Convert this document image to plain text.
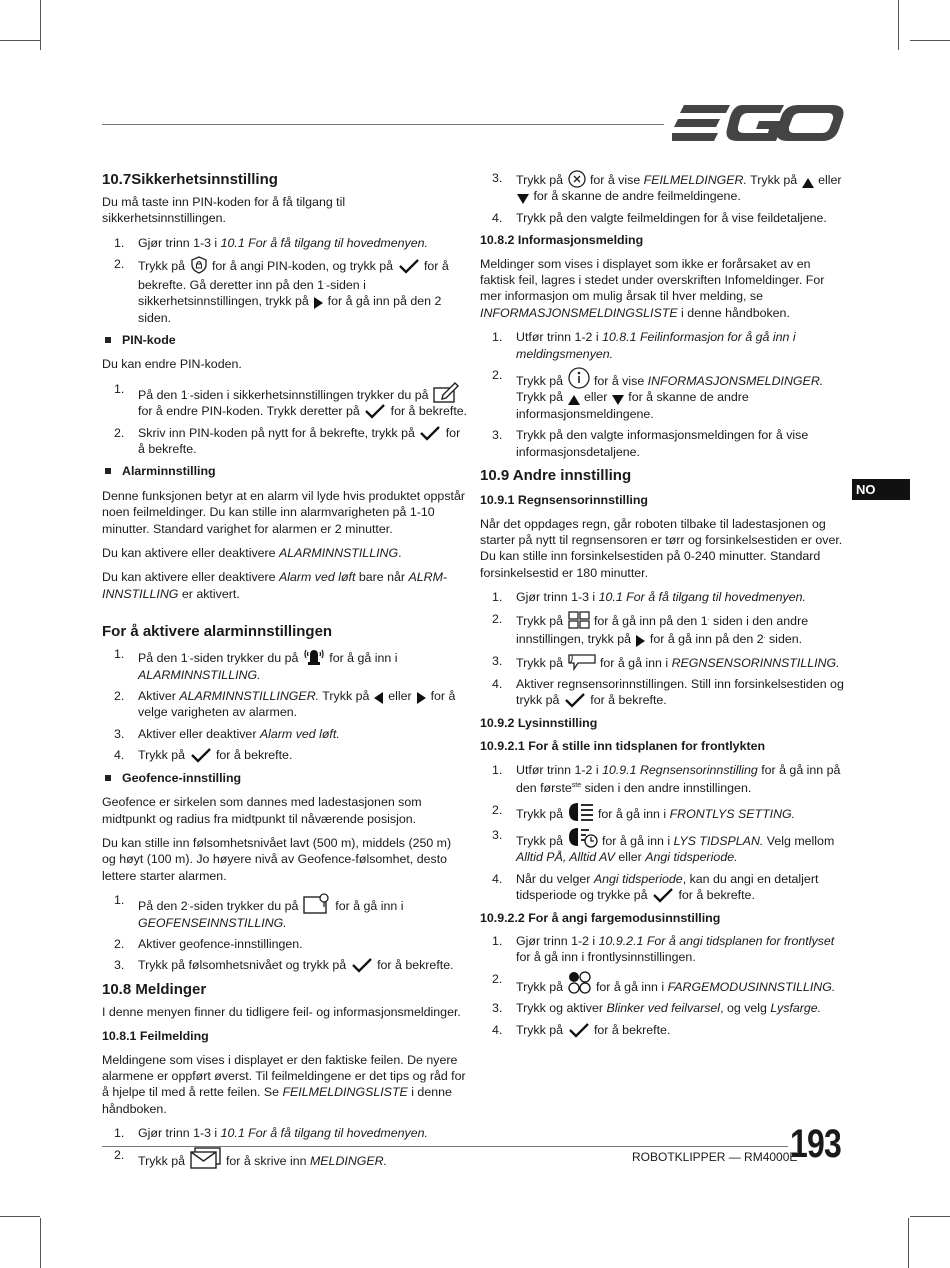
NO
10.7Sikkerhetsinnstilling

Du må taste inn PIN-koden for å få tilgang til sikkerhetsinnstillingen.

1. Gjør trinn 1-3 i 10.1 For å få tilgang til hovedmenyen.
2. Trykk på  for å angi PIN-koden, og trykk på  for å bekrefte. Gå deretter inn på den 1.-siden i sikkerhetsinnstillingen, trykk på  for å gå inn på den 2 siden.
PIN-kode

Du kan endre PIN-koden.

1. På den 1.-siden i sikkerhetsinnstillingen trykker du på  for å endre PIN-koden. Trykk deretter på  for å bekrefte.
2. Skriv inn PIN-koden på nytt for å bekrefte, trykk på  for å bekrefte.
Alarminnstilling

Denne funksjonen betyr at en alarm vil lyde hvis produktet oppstår noen feilmeldinger. Du kan stille inn alarmvarigheten på 1-10 minutter. Standard varighet for alarmen er 2 minutter.

Du kan aktivere eller deaktivere ALARMINNSTILLING.

Du kan aktivere eller deaktivere Alarm ved løft bare når ALRM-INNSTILLING er aktivert.

For å aktivere alarminnstillingen
1. På den 1.-siden trykker du på  for å gå inn i ALARMINNSTILLING.
2. Aktiver ALARMINNSTILLINGER. Trykk på  eller  for å velge varigheten av alarmen.
3. Aktiver eller deaktiver Alarm ved løft.
4. Trykk på  for å bekrefte.
Geofence-innstilling

Geofence er sirkelen som dannes med ladestasjonen som midtpunkt og radius fra midtpunkt til nåværende posisjon.

Du kan stille inn følsomhetsnivået lavt (500 m), middels (250 m) og høyt (100 m). Jo høyere nivå av Geofence-følsomhet, desto lettere starter alarmen.

1. På den 2.-siden trykker du på  for å gå inn i GEOFENSEINNSTILLING.
2. Aktiver geofence-innstillingen.
3. Trykk på følsomhetsnivået og trykk på  for å bekrefte.
10.8 Meldinger

I denne menyen finner du tidligere feil- og informasjonsmeldinger.

10.8.1 Feilmelding

Meldingene som vises i displayet er den faktiske feilen. De nyere alarmene er oppført øverst. Til feilmeldingene er det tips og råd for å hjelpe til med å rette feilen. Se FEILMELDINGSLISTE i denne håndboken.

1. Gjør trinn 1-3 i 10.1 For å få tilgang til hovedmenyen.
2. Trykk på	for å skrive inn MELDINGER.
3. Trykk på  for å vise FEILMELDINGER. Trykk på  eller  for å skanne de andre feilmeldingene.
4. Trykk på den valgte feilmeldingen for å vise feildetaljene.
10.8.2 Informasjonsmelding

Meldinger som vises i displayet som ikke er forårsaket av en faktisk feil, lagres i stedet under overskriften Infomeldinger. For mer informasjon om mulig årsak til hver melding, se INFORMASJONSMELDINGSLISTE i denne håndboken.

1. Utfør trinn 1-2 i 10.8.1 Feilinformasjon for å gå inn i meldingsmenyen.
2. Trykk på  for å vise INFORMASJONSMELDINGER. Trykk på  eller  for å skanne de andre informasjonsmeldingene.
3. Trykk på den valgte informasjonsmeldingen for å vise informasjonsdetaljene.
10.9 Andre innstilling
10.9.1 Regnsensorinnstilling

Når det oppdages regn, går roboten tilbake til ladestasjonen og starter på nytt til regnsensoren er tørr og forsinkelsestiden er over. Du kan stille inn forsinkelsestiden på 0-240 minutter. Standard forsinkelsestid er 180 minutter.

1. Gjør trinn 1-3 i 10.1 For å få tilgang til hovedmenyen.
2. Trykk på  for å gå inn på den 1. siden i den andre innstillingen, trykk på  for å gå inn på den 2. siden.
3. Trykk på  for å gå inn i REGNSENSORINNSTILLING.
4. Aktiver regnsensorinnstillingen. Still inn forsinkelsestiden og trykk på  for å bekrefte.
10.9.2 Lysinnstilling
10.9.2.1 For å stille inn tidsplanen for frontlykten
1. Utfør trinn 1-2 i 10.9.1 Regnsensorinnstilling for å gå inn på den første$^{ste}$ siden i den andre innstillingen.
2. Trykk på  for å gå inn i FRONTLYS SETTING.
3. Trykk på	for å gå inn i LYS TIDSPLAN. Velg mellom Alltid PÅ, Alltid AV eller Angi tidsperiode.
4. Når du velger Angi tidsperiode, kan du angi en detaljert tidsperiode og trykke på  for å bekrefte.
10.9.2.2 For å angi fargemodusinnstilling
1. Gjør trinn 1-2 i 10.9.2.1 For å angi tidsplanen for frontlyset for å gå inn i frontlysinnstillingen.
2.
Trykk på  for å gå inn i FARGEMODUSINNSTILLING.
3. Trykk og aktiver Blinker ved feilvarsel, og velg Lysfarge.
4. Trykk på  for å bekrefte.
ROBOTKLIPPER — RM4000E
193
